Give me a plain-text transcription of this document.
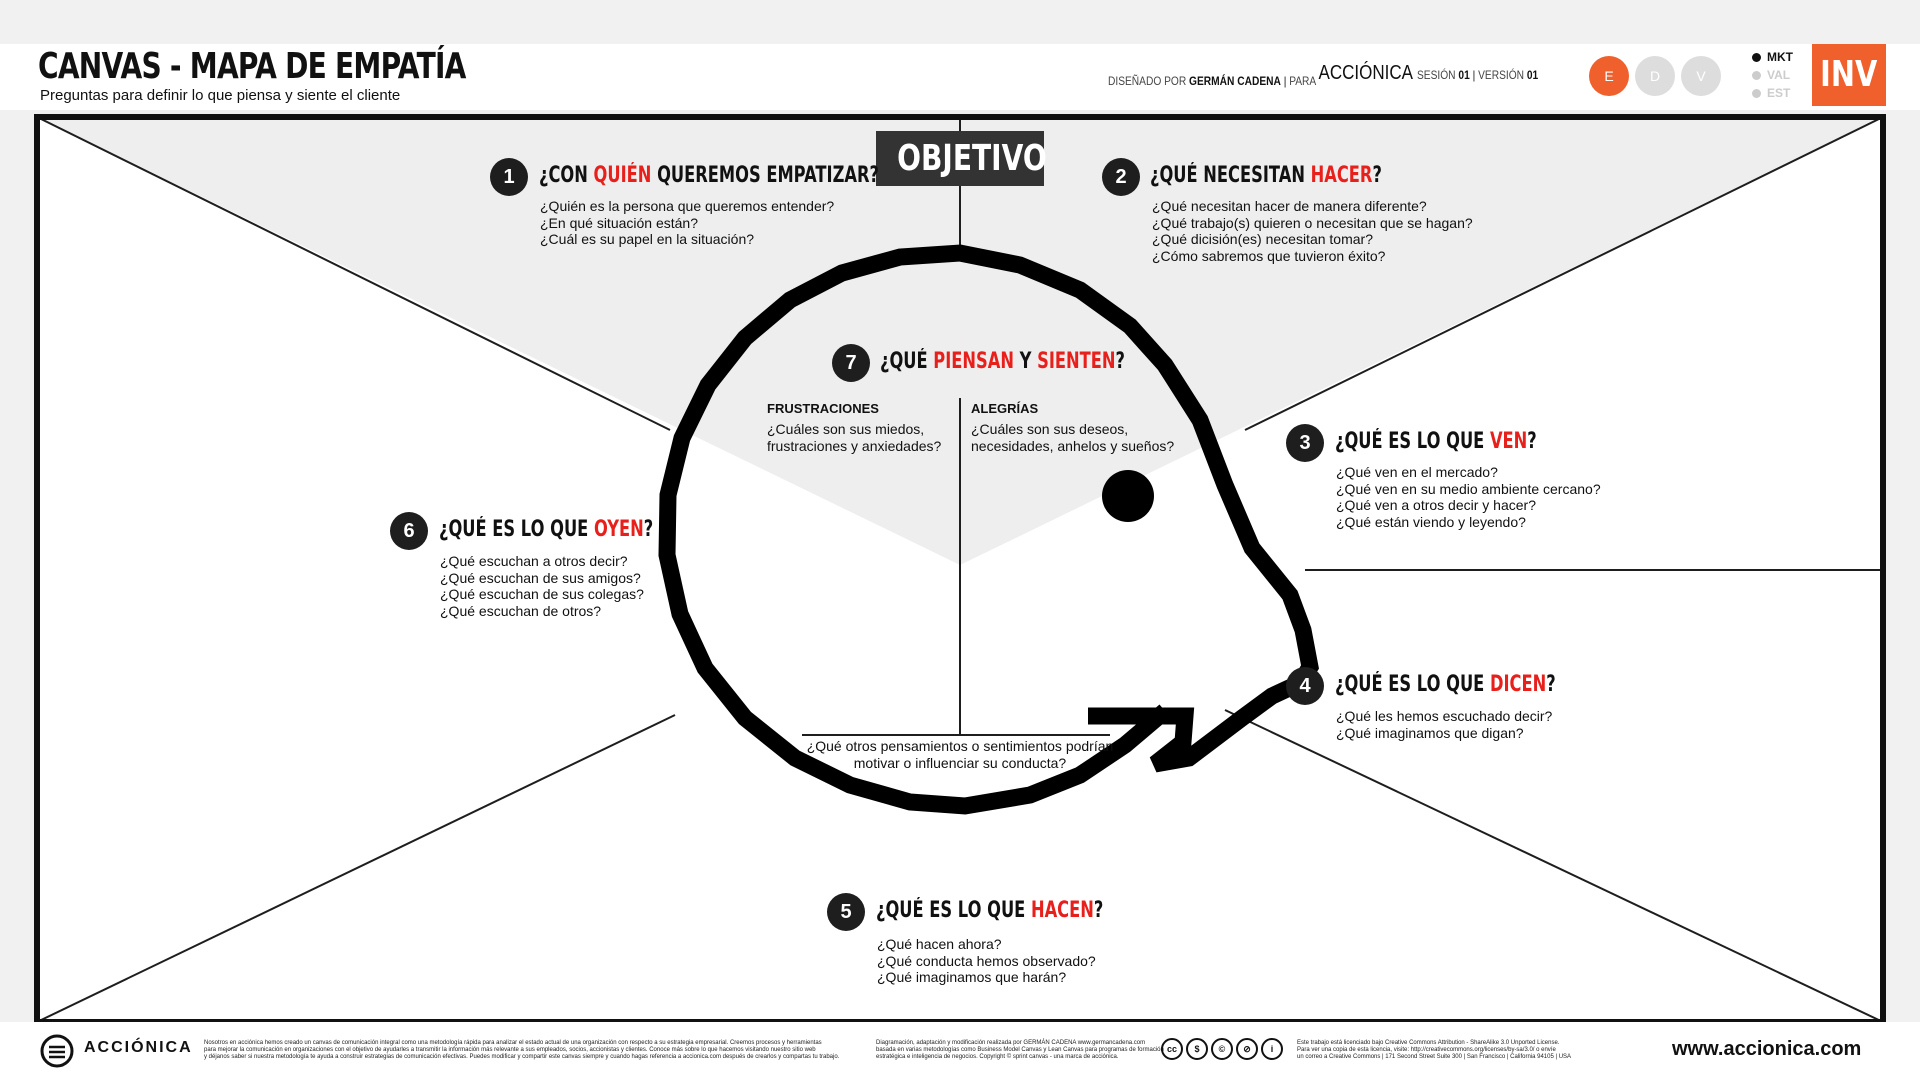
CANVAS - MAPA DE EMPATÍA
Preguntas para definir lo que piensa y siente el cliente
DISEÑADO POR GERMÁN CADENA | PARA ACCIÓNICA SESIÓN 01 | VERSIÓN 01	E	D	V
MKT
VAL
EST INV
OBJETIVO
1	¿CON QUIÉN QUEREMOS EMPATIZAR?
¿Quién es la persona que queremos entender?
¿En qué situación están?
¿Cuál es su papel en la situación?
2	¿QUÉ NECESITAN HACER?
¿Qué necesitan hacer de manera diferente?
¿Qué trabajo(s) quieren o necesitan que se hagan?
¿Qué dicisión(es) necesitan tomar?
¿Cómo sabremos que tuvieron éxito?
3	¿QUÉ ES LO QUE VEN?
¿Qué ven en el mercado?
¿Qué ven en su medio ambiente cercano?
¿Qué ven a otros decir y hacer?
¿Qué están viendo y leyendo?
4	¿QUÉ ES LO QUE DICEN?
¿Qué les hemos escuchado decir?
¿Qué imaginamos que digan?
5	¿QUÉ ES LO QUE HACEN?
¿Qué hacen ahora?
¿Qué conducta hemos observado?
¿Qué imaginamos que harán?
6	¿QUÉ ES LO QUE OYEN?
¿Qué escuchan a otros decir?
¿Qué escuchan de sus amigos?
¿Qué escuchan de sus colegas?
¿Qué escuchan de otros?
7	¿QUÉ PIENSAN Y SIENTEN?
FRUSTRACIONES
¿Cuáles son sus miedos,
frustraciones y anxiedades?
ALEGRÍAS
¿Cuáles son sus deseos,
necesidades, anhelos y sueños?
¿Qué otros pensamientos o sentimientos podrían
motivar o influenciar su conducta?
ACCIÓNICA Nosotros en acciónica hemos creado un canvas de comunicación integral como una metodología rápida para analizar el estado actual de una organización con respecto a su estrategia empresarial. Creemos procesos y herramientas
para mejorar la comunicación en organizaciones con el objetivo de ayudarles a transmitir la información más relevante a sus empleados, socios, accionistas y clientes. Conoce más sobre lo que hacemos visitando nuestro sitio web
y déjanos saber si nuestra metodología te ayuda a construir estrategias de comunicación efectivas. Puedes modificar y compartir este canvas siempre y cuando hagas referencia a accionica.com después de crearlos y compartas tu trabajo.
Diagramación, adaptación y modificación realizada por GERMÁN CADENA www.germancadena.com
basada en varias metodologías como Business Model Canvas y Lean Canvas para programas de formación
estratégica e inteligencia de negocios. Copyright © sprint canvas - una marca de acciónica.
cc	$	©	⊘	i
Este trabajo está licenciado bajo Creative Commons Attribution - ShareAlike 3.0 Unported License.
Para ver una copia de esta licencia, visite: http://creativecommons.org/licenses/by-sa/3.0/ o envíe
un correo a Creative Commons | 171 Second Street Suite 300 | San Francisco | California 94105 | USA	www.accionica.com
